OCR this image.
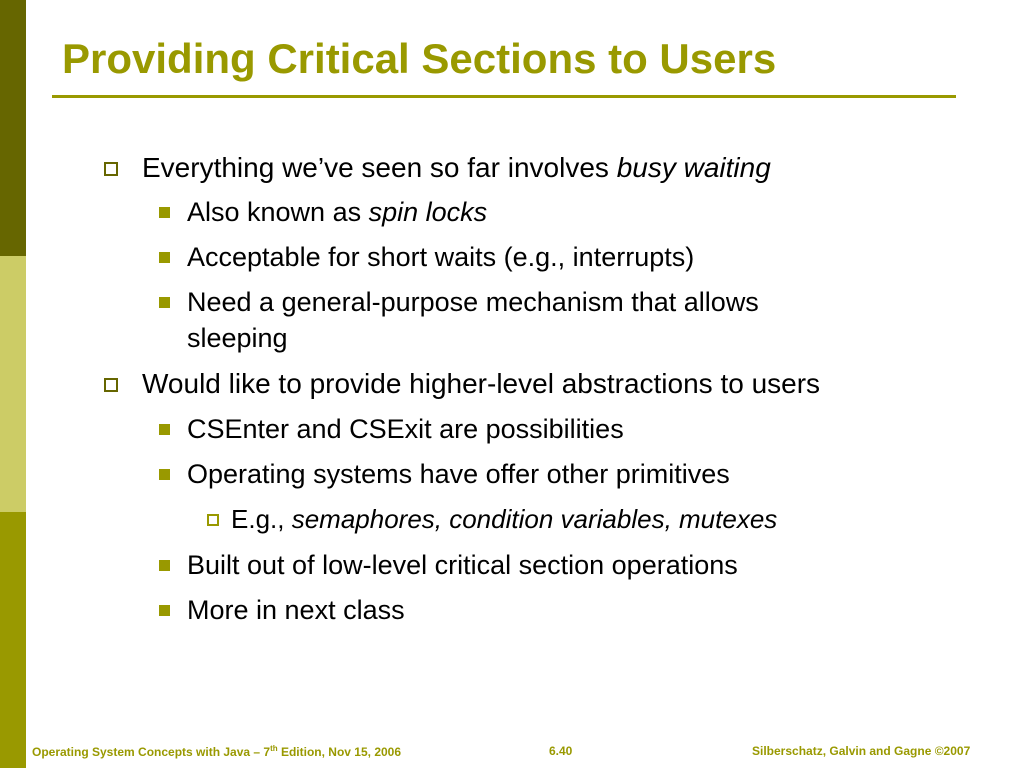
Providing Critical Sections to Users
Everything we’ve seen so far involves busy waiting
Also known as spin locks
Acceptable for short waits (e.g., interrupts)
Need a general-purpose mechanism that allows
sleeping
Would like to provide higher-level abstractions to users
CSEnter and CSExit are possibilities
Operating systems have offer other primitives
E.g., semaphores, condition variables, mutexes
Built out of low-level critical section operations
More in next class
Operating System Concepts with Java – 7th Edition, Nov 15, 2006	6.40	Silberschatz, Galvin and Gagne ©2007
